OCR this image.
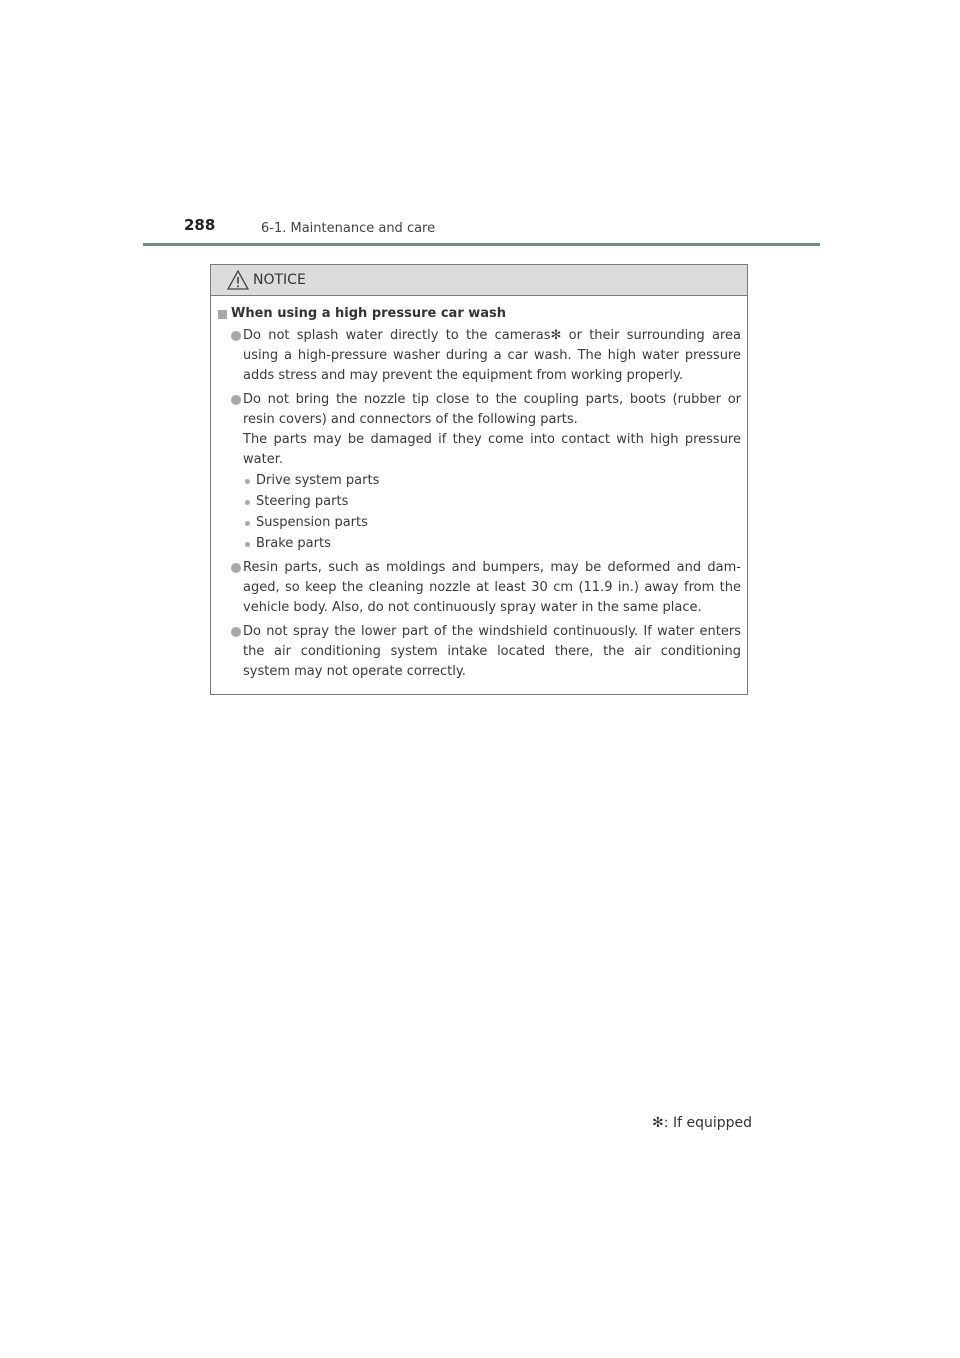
288	6-1. Maintenance and care
NOTICE
When using a high pressure car wash

Do not splash water directly to the cameras✻ or their surrounding area using a high-pressure washer during a car wash. The high water pressure adds stress and may prevent the equipment from working properly.

Do not bring the nozzle tip close to the coupling parts, boots (rubber or resin covers) and connectors of the following parts.

The parts may be damaged if they come into contact with high pressure water.

Drive system parts
Steering parts
Suspension parts
Brake parts

Resin parts, such as moldings and bumpers, may be deformed and dam-aged, so keep the cleaning nozzle at least 30 cm (11.9 in.) away from the vehicle body. Also, do not continuously spray water in the same place.

Do not spray the lower part of the windshield continuously. If water enters the air conditioning system intake located there, the air conditioning system may not operate correctly.

✻: If equipped
